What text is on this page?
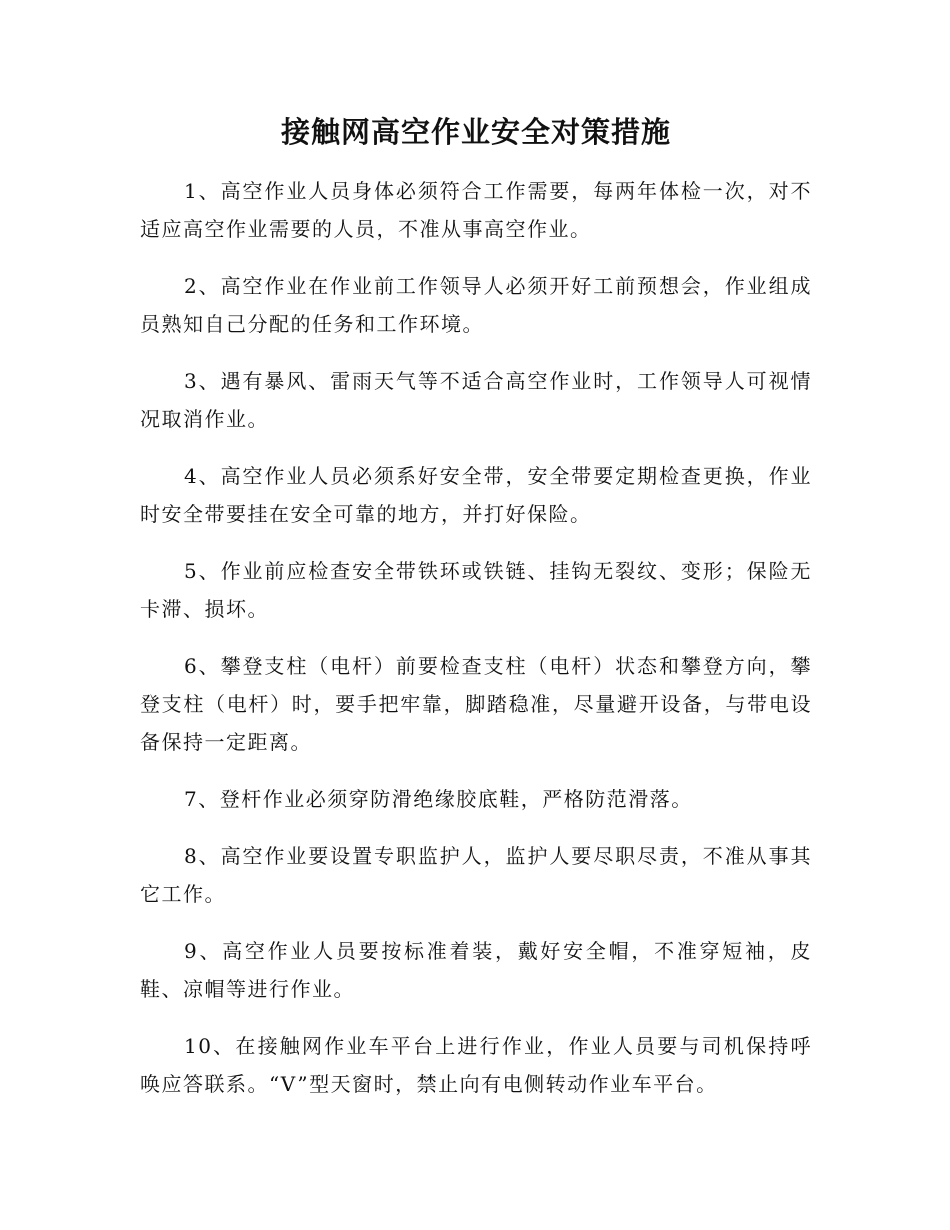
接触网高空作业安全对策措施

1、高空作业人员身体必须符合工作需要，每两年体检一次，对不适应高空作业需要的人员，不准从事高空作业。

2、高空作业在作业前工作领导人必须开好工前预想会，作业组成员熟知自己分配的任务和工作环境。

3、遇有暴风、雷雨天气等不适合高空作业时，工作领导人可视情况取消作业。

4、高空作业人员必须系好安全带，安全带要定期检查更换，作业时安全带要挂在安全可靠的地方，并打好保险。

5、作业前应检查安全带铁环或铁链、挂钩无裂纹、变形；保险无卡滞、损坏。

6、攀登支柱（电杆）前要检查支柱（电杆）状态和攀登方向，攀登支柱（电杆）时，要手把牢靠，脚踏稳准，尽量避开设备，与带电设备保持一定距离。

7、登杆作业必须穿防滑绝缘胶底鞋，严格防范滑落。

8、高空作业要设置专职监护人，监护人要尽职尽责，不准从事其它工作。

9、高空作业人员要按标准着装，戴好安全帽，不准穿短袖，皮鞋、凉帽等进行作业。

10、在接触网作业车平台上进行作业，作业人员要与司机保持呼唤应答联系。“V”型天窗时，禁止向有电侧转动作业车平台。
